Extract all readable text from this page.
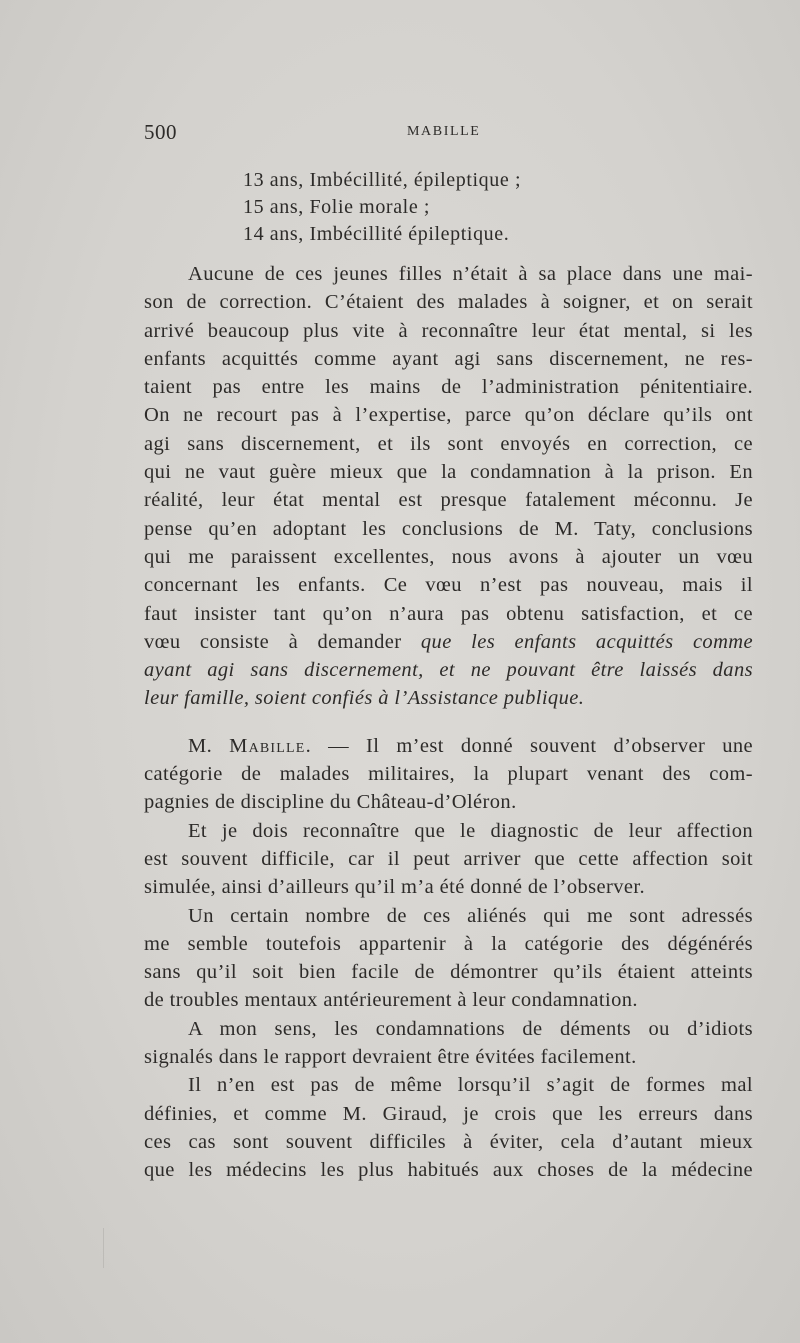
500	MABILLE
13 ans, Imbécillité, épileptique ;
15 ans, Folie morale ;
14 ans, Imbécillité épileptique.
Aucune de ces jeunes filles n’était à sa place dans une mai-
son de correction. C’étaient des malades à soigner, et on serait
arrivé beaucoup plus vite à reconnaître leur état mental, si les
enfants acquittés comme ayant agi sans discernement, ne res-
taient pas entre les mains de l’administration pénitentiaire.
On ne recourt pas à l’expertise, parce qu’on déclare qu’ils ont
agi sans discernement, et ils sont envoyés en correction, ce
qui ne vaut guère mieux que la condamnation à la prison. En
réalité, leur état mental est presque fatalement méconnu. Je
pense qu’en adoptant les conclusions de M. Taty, conclusions
qui me paraissent excellentes, nous avons à ajouter un vœu
concernant les enfants. Ce vœu n’est pas nouveau, mais il
faut insister tant qu’on n’aura pas obtenu satisfaction, et ce
vœu consiste à demander que les enfants acquittés comme
ayant agi sans discernement, et ne pouvant être laissés dans
leur famille, soient confiés à l’Assistance publique.
M. Mabille. — Il m’est donné souvent d’observer une
catégorie de malades militaires, la plupart venant des com-
pagnies de discipline du Château-d’Oléron.
Et je dois reconnaître que le diagnostic de leur affection
est souvent difficile, car il peut arriver que cette affection soit
simulée, ainsi d’ailleurs qu’il m’a été donné de l’observer.
Un certain nombre de ces aliénés qui me sont adressés
me semble toutefois appartenir à la catégorie des dégénérés
sans qu’il soit bien facile de démontrer qu’ils étaient atteints
de troubles mentaux antérieurement à leur condamnation.
A mon sens, les condamnations de déments ou d’idiots
signalés dans le rapport devraient être évitées facilement.
Il n’en est pas de même lorsqu’il s’agit de formes mal
définies, et comme M. Giraud, je crois que les erreurs dans
ces cas sont souvent difficiles à éviter, cela d’autant mieux
que les médecins les plus habitués aux choses de la médecine
